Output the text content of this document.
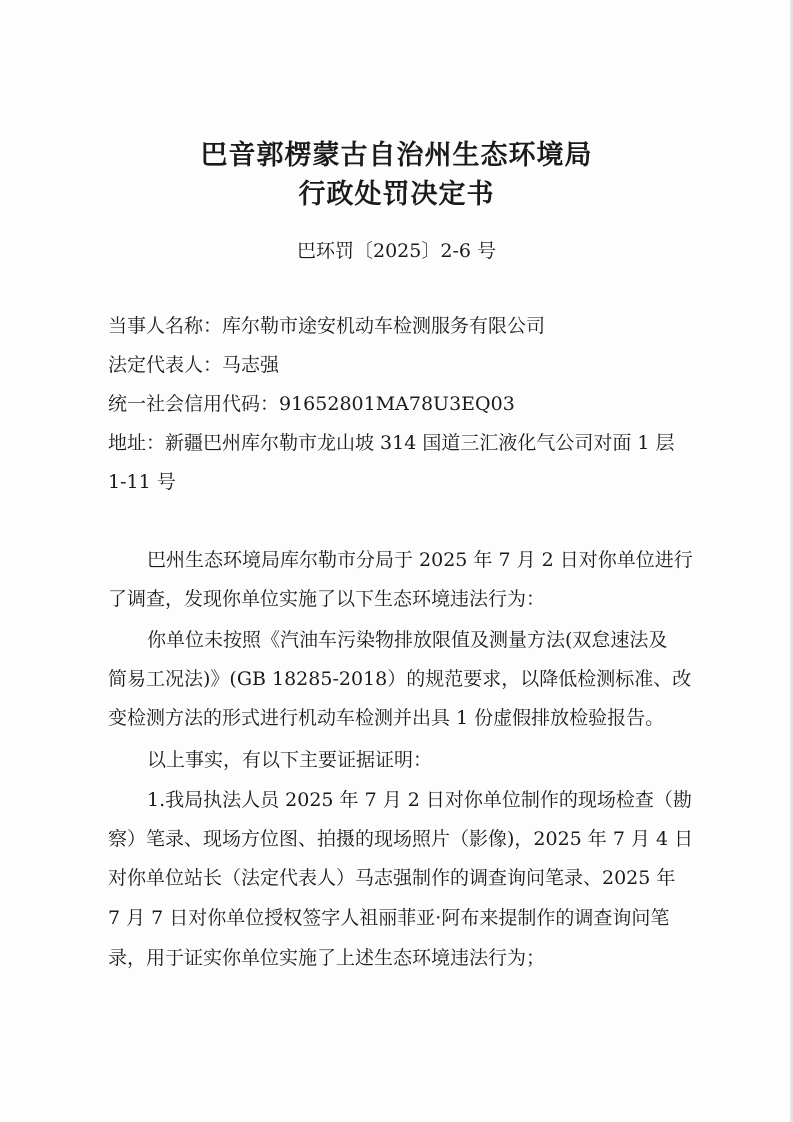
巴音郭楞蒙古自治州生态环境局
行政处罚决定书
巴环罚〔2025〕2-6 号
当事人名称：库尔勒市途安机动车检测服务有限公司
法定代表人：马志强
统一社会信用代码：91652801MA78U3EQ03
地址：新疆巴州库尔勒市龙山坡 314 国道三汇液化气公司对面 1 层
1-11 号
巴州生态环境局库尔勒市分局于 2025 年 7 月 2 日对你单位进行
了调查，发现你单位实施了以下生态环境违法行为：
你单位未按照《汽油车污染物排放限值及测量方法(双怠速法及
简易工况法)》(GB 18285-2018）的规范要求，以降低检测标准、改
变检测方法的形式进行机动车检测并出具 1 份虚假排放检验报告。
以上事实，有以下主要证据证明：
1.我局执法人员 2025 年 7 月 2 日对你单位制作的现场检查（勘
察）笔录、现场方位图、拍摄的现场照片（影像)，2025 年 7 月 4 日
对你单位站长（法定代表人）马志强制作的调查询问笔录、2025 年
7 月 7 日对你单位授权签字人祖丽菲亚·阿布来提制作的调查询问笔
录，用于证实你单位实施了上述生态环境违法行为；
